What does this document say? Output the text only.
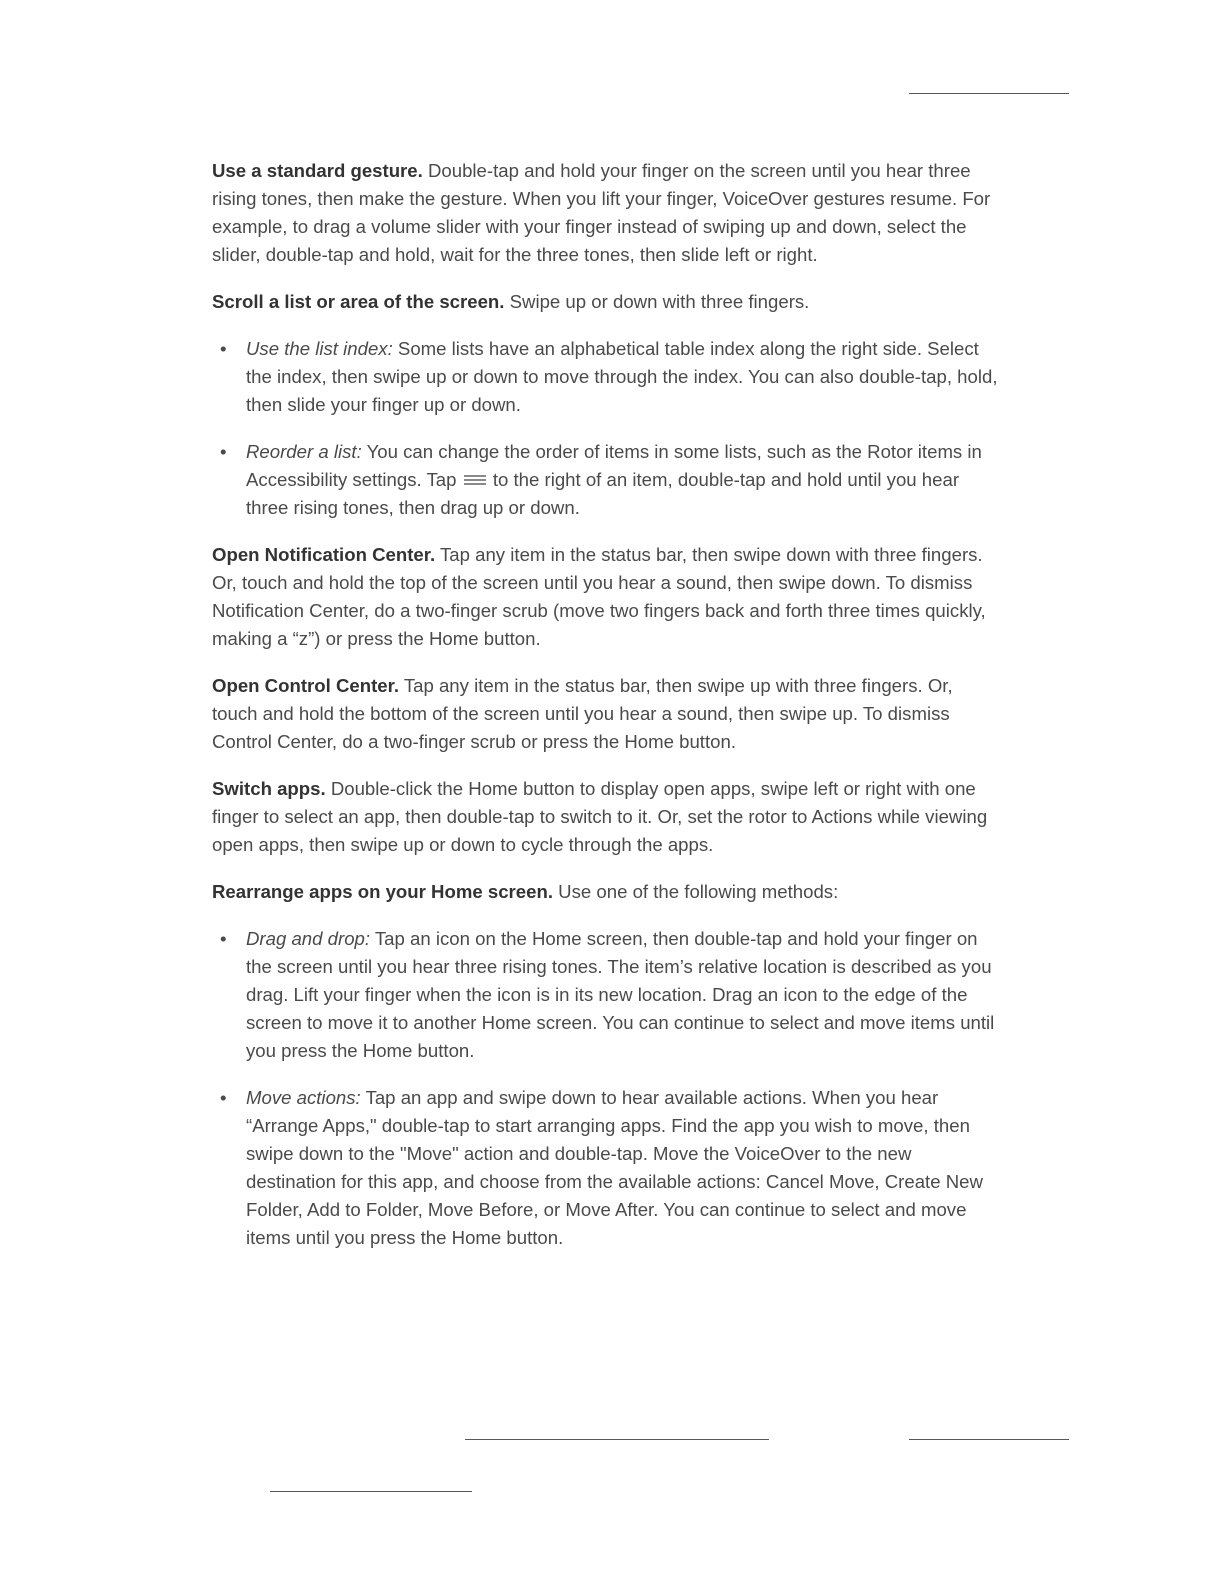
Use a standard gesture. Double-tap and hold your finger on the screen until you hear three rising tones, then make the gesture. When you lift your finger, VoiceOver gestures resume. For example, to drag a volume slider with your finger instead of swiping up and down, select the slider, double-tap and hold, wait for the three tones, then slide left or right.

Scroll a list or area of the screen. Swipe up or down with three fingers.

• Use the list index: Some lists have an alphabetical table index along the right side. Select the index, then swipe up or down to move through the index. You can also double-tap, hold, then slide your finger up or down.
• Reorder a list: You can change the order of items in some lists, such as the Rotor items in Accessibility settings. Tap
to the right of an item, double-tap and hold until you hear three rising tones, then drag up or down.

Open Notification Center. Tap any item in the status bar, then swipe down with three fingers. Or, touch and hold the top of the screen until you hear a sound, then swipe down. To dismiss Notification Center, do a two-finger scrub (move two fingers back and forth three times quickly, making a “z”) or press the Home button.

Open Control Center. Tap any item in the status bar, then swipe up with three fingers. Or, touch and hold the bottom of the screen until you hear a sound, then swipe up. To dismiss Control Center, do a two-finger scrub or press the Home button.

Switch apps. Double-click the Home button to display open apps, swipe left or right with one finger to select an app, then double-tap to switch to it. Or, set the rotor to Actions while viewing open apps, then swipe up or down to cycle through the apps.

Rearrange apps on your Home screen. Use one of the following methods:

• Drag and drop: Tap an icon on the Home screen, then double-tap and hold your finger on the screen until you hear three rising tones. The item’s relative location is described as you drag. Lift your finger when the icon is in its new location. Drag an icon to the edge of the screen to move it to another Home screen. You can continue to select and move items until you press the Home button.
• Move actions: Tap an app and swipe down to hear available actions. When you hear “Arrange Apps," double-tap to start arranging apps. Find the app you wish to move, then swipe down to the "Move" action and double-tap. Move the VoiceOver to the new destination for this app, and choose from the available actions: Cancel Move, Create New Folder, Add to Folder, Move Before, or Move After. You can continue to select and move items until you press the Home button.
